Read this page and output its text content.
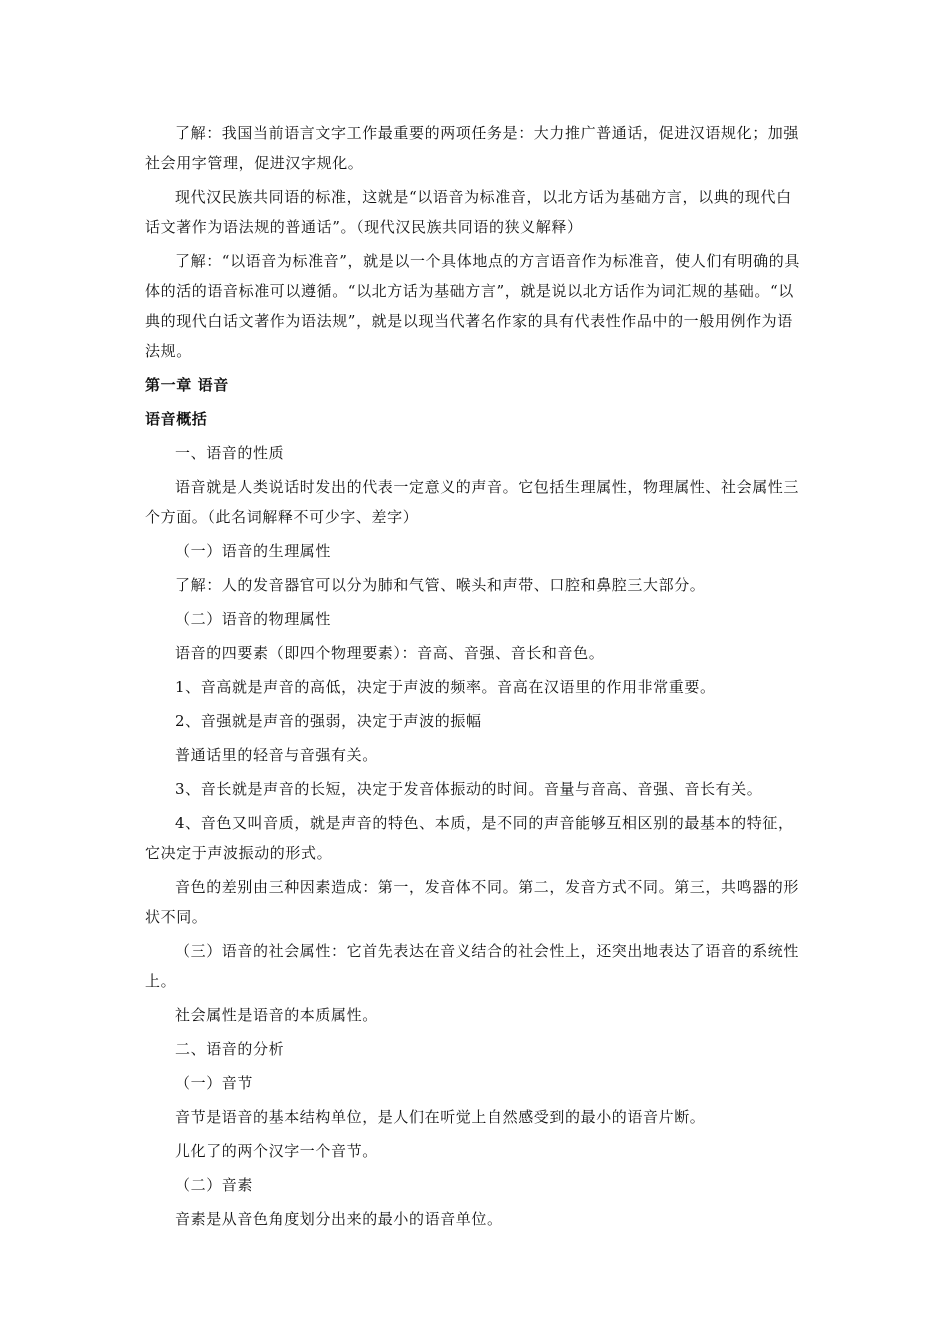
了解：我国当前语言文字工作最重要的两项任务是：大力推广普通话，促进汉语规化；加强社会用字管理，促进汉字规化。

现代汉民族共同语的标准，这就是“以语音为标准音，以北方话为基础方言，以典的现代白话文著作为语法规的普通话”。（现代汉民族共同语的狭义解释）

了解：“以语音为标准音”，就是以一个具体地点的方言语音作为标准音，使人们有明确的具体的活的语音标准可以遵循。“以北方话为基础方言”，就是说以北方话作为词汇规的基础。“以典的现代白话文著作为语法规”，就是以现当代著名作家的具有代表性作品中的一般用例作为语法规。

第一章 语音

语音概括

一、语音的性质

语音就是人类说话时发出的代表一定意义的声音。它包括生理属性，物理属性、社会属性三个方面。（此名词解释不可少字、差字）

（一）语音的生理属性

了解：人的发音器官可以分为肺和气管、喉头和声带、口腔和鼻腔三大部分。

（二）语音的物理属性

语音的四要素（即四个物理要素）：音高、音强、音长和音色。

1、音高就是声音的高低，决定于声波的频率。音高在汉语里的作用非常重要。

2、音强就是声音的强弱，决定于声波的振幅

普通话里的轻音与音强有关。

3、音长就是声音的长短，决定于发音体振动的时间。音量与音高、音强、音长有关。

4、音色又叫音质，就是声音的特色、本质，是不同的声音能够互相区别的最基本的特征，它决定于声波振动的形式。

音色的差别由三种因素造成：第一，发音体不同。第二，发音方式不同。第三，共鸣器的形状不同。

（三）语音的社会属性：它首先表达在音义结合的社会性上，还突出地表达了语音的系统性上。

社会属性是语音的本质属性。

二、语音的分析

（一）音节

音节是语音的基本结构单位，是人们在听觉上自然感受到的最小的语音片断。

儿化了的两个汉字一个音节。

（二）音素

音素是从音色角度划分出来的最小的语音单位。
